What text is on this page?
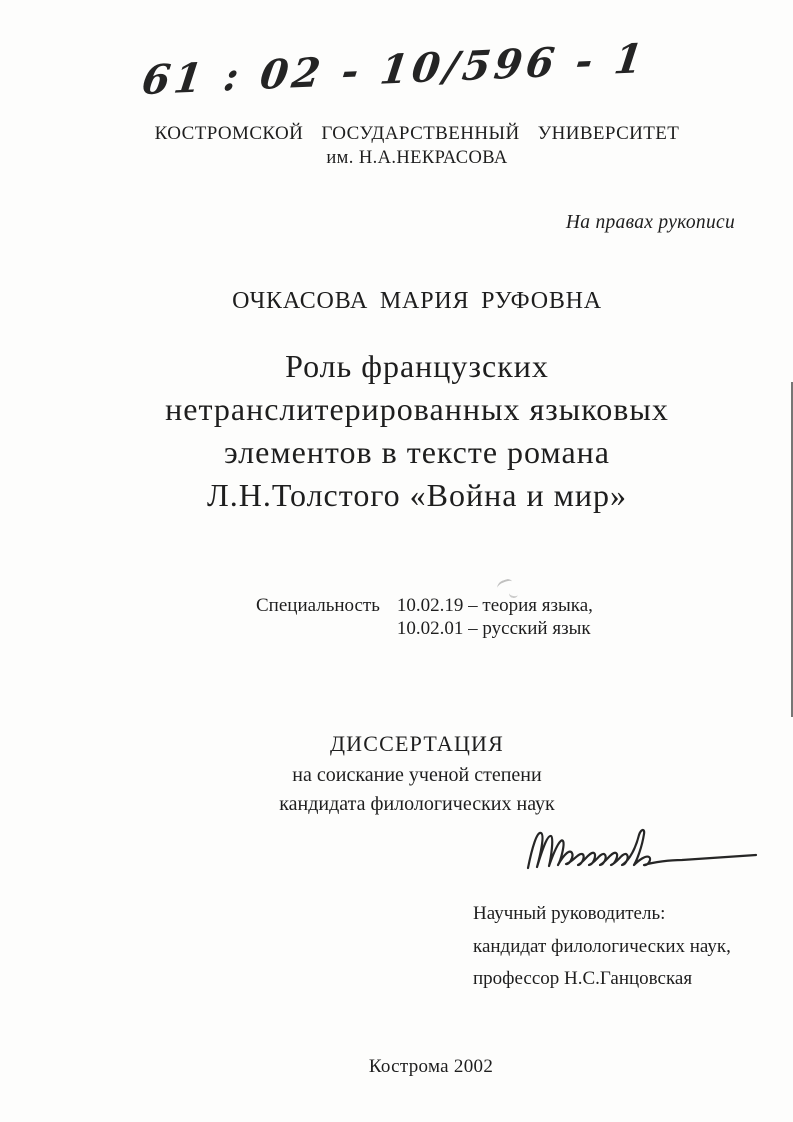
61 : 02 - 10/596 - 1
КОСТРОМСКОЙ ГОСУДАРСТВЕННЫЙ УНИВЕРСИТЕТ
им. Н.А.НЕКРАСОВА
На правах рукописи
ОЧКАСОВА МАРИЯ РУФОВНА
Роль французских
нетранслитерированных языковых
элементов в тексте романа
Л.Н.Толстого «Война и мир»
Специальность 10.02.19 – теория языка,
10.02.01 – русский язык
ДИССЕРТАЦИЯ
на соискание ученой степени
кандидата филологических наук
Научный руководитель:
кандидат филологических наук,
профессор Н.С.Ганцовская
Кострома 2002
